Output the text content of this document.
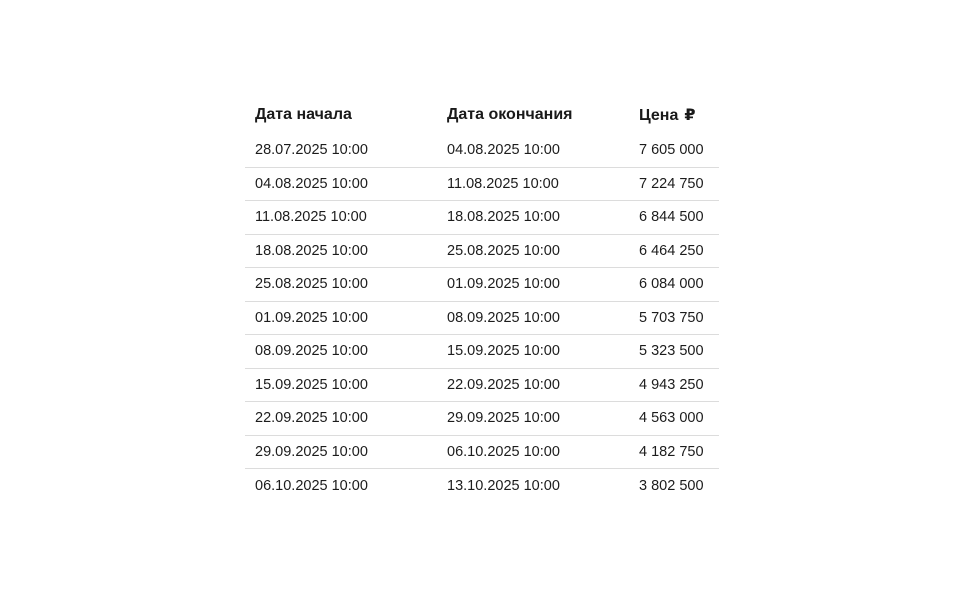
Дата начала	Дата окончания	Цена ₽
28.07.2025 10:00	04.08.2025 10:00	7 605 000
04.08.2025 10:00	11.08.2025 10:00	7 224 750
11.08.2025 10:00	18.08.2025 10:00	6 844 500
18.08.2025 10:00	25.08.2025 10:00	6 464 250
25.08.2025 10:00	01.09.2025 10:00	6 084 000
01.09.2025 10:00	08.09.2025 10:00	5 703 750
08.09.2025 10:00	15.09.2025 10:00	5 323 500
15.09.2025 10:00	22.09.2025 10:00	4 943 250
22.09.2025 10:00	29.09.2025 10:00	4 563 000
29.09.2025 10:00	06.10.2025 10:00	4 182 750
06.10.2025 10:00	13.10.2025 10:00	3 802 500
